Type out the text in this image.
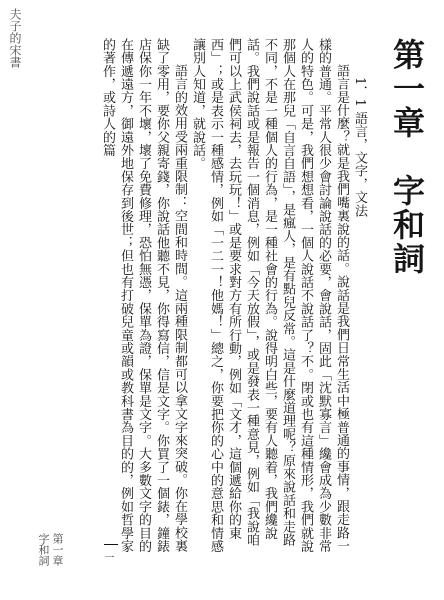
夫子的宋書	第一章　字和詞
1．1 語言，文字，文法
語言是什麼？就是我們嘴裏說的話。說話是我們日常生活中極普通的事情，跟走路一樣的普通。平常人很少會討論說話的必要，會說話，固此「沈默寡言」纔會成為少數非常人的特色。可是，我們想想看，一個人說話不說話了？不。閉或也有這種情形，我們就說那個人在那兒「自言自語」，是瘋人，是有點兒反常。這是什麼道理呢？原來說話和走路不同，不是一種個人的行為，是一種社會的行為。說得明白些，要有人聽着，我們纔說話。我們說話或是報告一個消息，例如「今天放假」，或是發表一種意見，例如「我說咱們可以上武侯祠去，去玩玩！」或是要求對方有所行動，例如「文才，這個遞給你的東西」；或是表示一種感情，例如「一二一！他媽！」總之，你要把你的心中的意思和情感讓別人知道，就說話。
語言的效用受兩重限制：空間和時間。這兩種限制都可以拿文字來突破。你在學校裏缺了零用，要你父親寄錢，你說話他聽不見，你得寫信，信是文字。你買了一個錶，鐘錶店保你一年不壞，壞了免費修理，恐怕無憑，保單為證，保單是文字。大多數文字的目的在傳遞遠方，御遠外地保存到後世；但也有打破兒童或韻或教科書為目的的，例如哲學家的著作，或詩人的篇
第一章 字和詞	一
